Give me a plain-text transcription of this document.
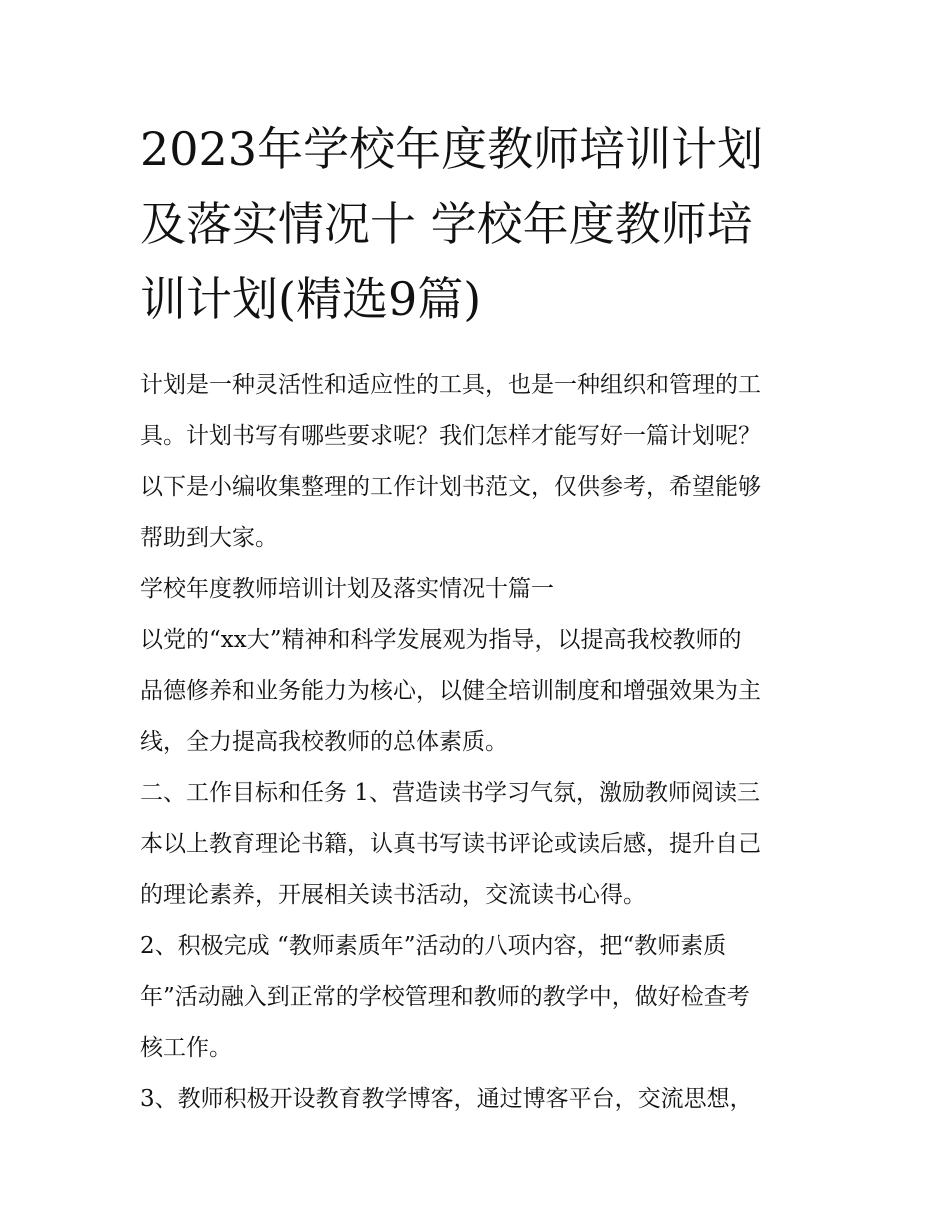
2023年学校年度教师培训计划
及落实情况十 学校年度教师培
训计划(精选9篇)
计划是一种灵活性和适应性的工具，也是一种组织和管理的工
具。计划书写有哪些要求呢？我们怎样才能写好一篇计划呢？
以下是小编收集整理的工作计划书范文，仅供参考，希望能够
帮助到大家。
学校年度教师培训计划及落实情况十篇一
以党的“xx大”精神和科学发展观为指导，以提高我校教师的
品德修养和业务能力为核心，以健全培训制度和增强效果为主
线，全力提高我校教师的总体素质。
二、工作目标和任务 1、营造读书学习气氛，激励教师阅读三
本以上教育理论书籍，认真书写读书评论或读后感，提升自己
的理论素养，开展相关读书活动，交流读书心得。
2、积极完成 “教师素质年”活动的八项内容，把“教师素质
年”活动融入到正常的学校管理和教师的教学中，做好检查考
核工作。
3、教师积极开设教育教学博客，通过博客平台，交流思想，
